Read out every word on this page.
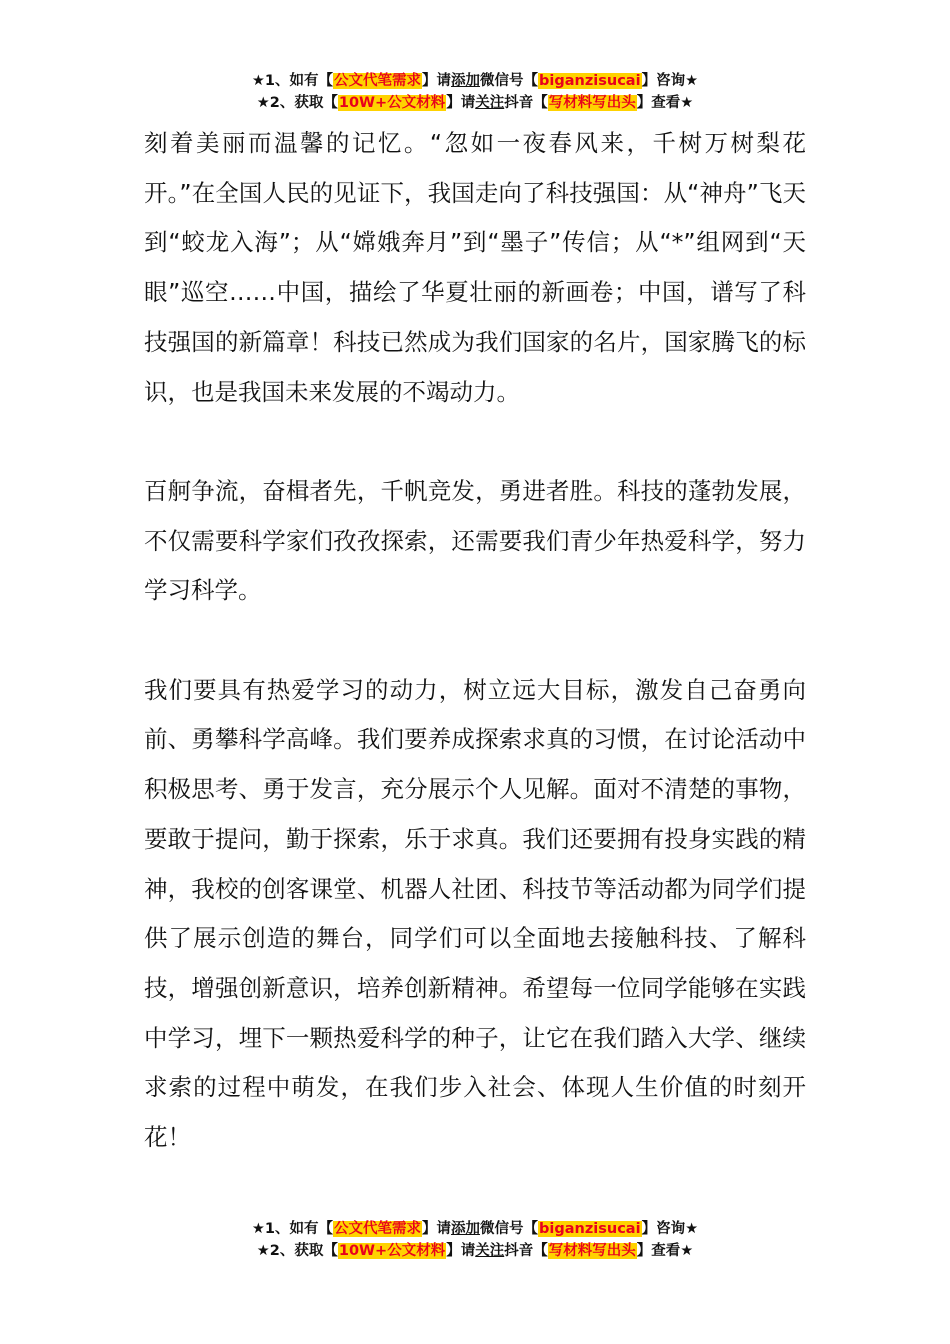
★1、如有【公文代笔需求】请添加微信号【biganzisucai】咨询★
★2、获取【10W+公文材料】请关注抖音【写材料写出头】查看★

刻着美丽而温馨的记忆。“忽如一夜春风来，千树万树梨花开。”在全国人民的见证下，我国走向了科技强国：从“神舟”飞天到“蛟龙入海”；从“嫦娥奔月”到“墨子”传信；从“*”组网到“天眼”巡空……中国，描绘了华夏壮丽的新画卷；中国，谱写了科技强国的新篇章！科技已然成为我们国家的名片，国家腾飞的标识，也是我国未来发展的不竭动力。

百舸争流，奋楫者先，千帆竞发，勇进者胜。科技的蓬勃发展，不仅需要科学家们孜孜探索，还需要我们青少年热爱科学，努力学习科学。

我们要具有热爱学习的动力，树立远大目标，激发自己奋勇向前、勇攀科学高峰。我们要养成探索求真的习惯，在讨论活动中积极思考、勇于发言，充分展示个人见解。面对不清楚的事物，要敢于提问，勤于探索，乐于求真。我们还要拥有投身实践的精神，我校的创客课堂、机器人社团、科技节等活动都为同学们提供了展示创造的舞台，同学们可以全面地去接触科技、了解科技，增强创新意识，培养创新精神。希望每一位同学能够在实践中学习，埋下一颗热爱科学的种子，让它在我们踏入大学、继续求索的过程中萌发，在我们步入社会、体现人生价值的时刻开花！

★1、如有【公文代笔需求】请添加微信号【biganzisucai】咨询★
★2、获取【10W+公文材料】请关注抖音【写材料写出头】查看★
